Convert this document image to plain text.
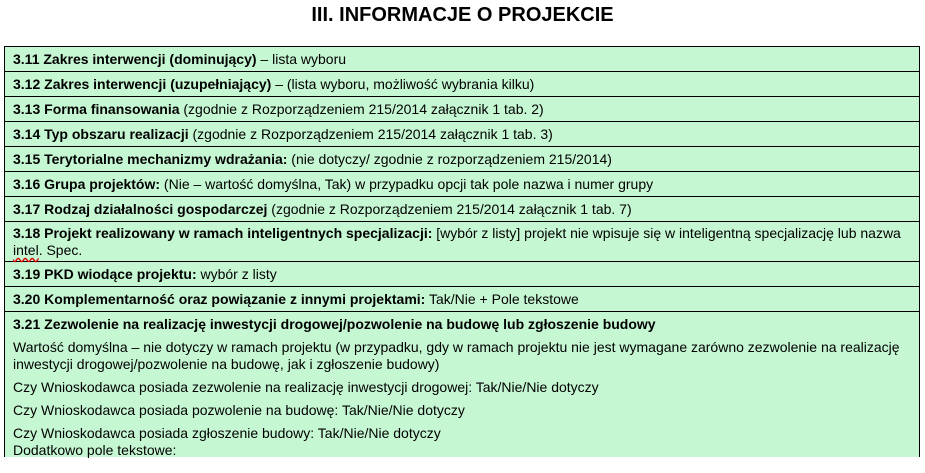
III. INFORMACJE O PROJEKCIE
3.11 Zakres interwencji (dominujący) – lista wyboru
3.12 Zakres interwencji (uzupełniający) – (lista wyboru, możliwość wybrania kilku)
3.13 Forma finansowania (zgodnie z Rozporządzeniem 215/2014 załącznik 1 tab. 2)
3.14 Typ obszaru realizacji (zgodnie z Rozporządzeniem 215/2014 załącznik 1 tab. 3)
3.15 Terytorialne mechanizmy wdrażania: (nie dotyczy/ zgodnie z rozporządzeniem 215/2014)
3.16 Grupa projektów: (Nie – wartość domyślna, Tak) w przypadku opcji tak pole nazwa i numer grupy
3.17 Rodzaj działalności gospodarczej (zgodnie z Rozporządzeniem 215/2014 załącznik 1 tab. 7)
3.18 Projekt realizowany w ramach inteligentnych specjalizacji: [wybór z listy] projekt nie wpisuje się w inteligentną specjalizację lub nazwa intel. Spec.
3.19 PKD wiodące projektu: wybór z listy
3.20 Komplementarność oraz powiązanie z innymi projektami: Tak/Nie + Pole tekstowe
3.21 Zezwolenie na realizację inwestycji drogowej/pozwolenie na budowę lub zgłoszenie budowy
Wartość domyślna – nie dotyczy w ramach projektu (w przypadku, gdy w ramach projektu nie jest wymagane zarówno zezwolenie na realizację inwestycji drogowej/pozwolenie na budowę, jak i zgłoszenie budowy)
Czy Wnioskodawca posiada zezwolenie na realizację inwestycji drogowej: Tak/Nie/Nie dotyczy
Czy Wnioskodawca posiada pozwolenie na budowę: Tak/Nie/Nie dotyczy
Czy Wnioskodawca posiada zgłoszenie budowy: Tak/Nie/Nie dotyczy
Dodatkowo pole tekstowe:
